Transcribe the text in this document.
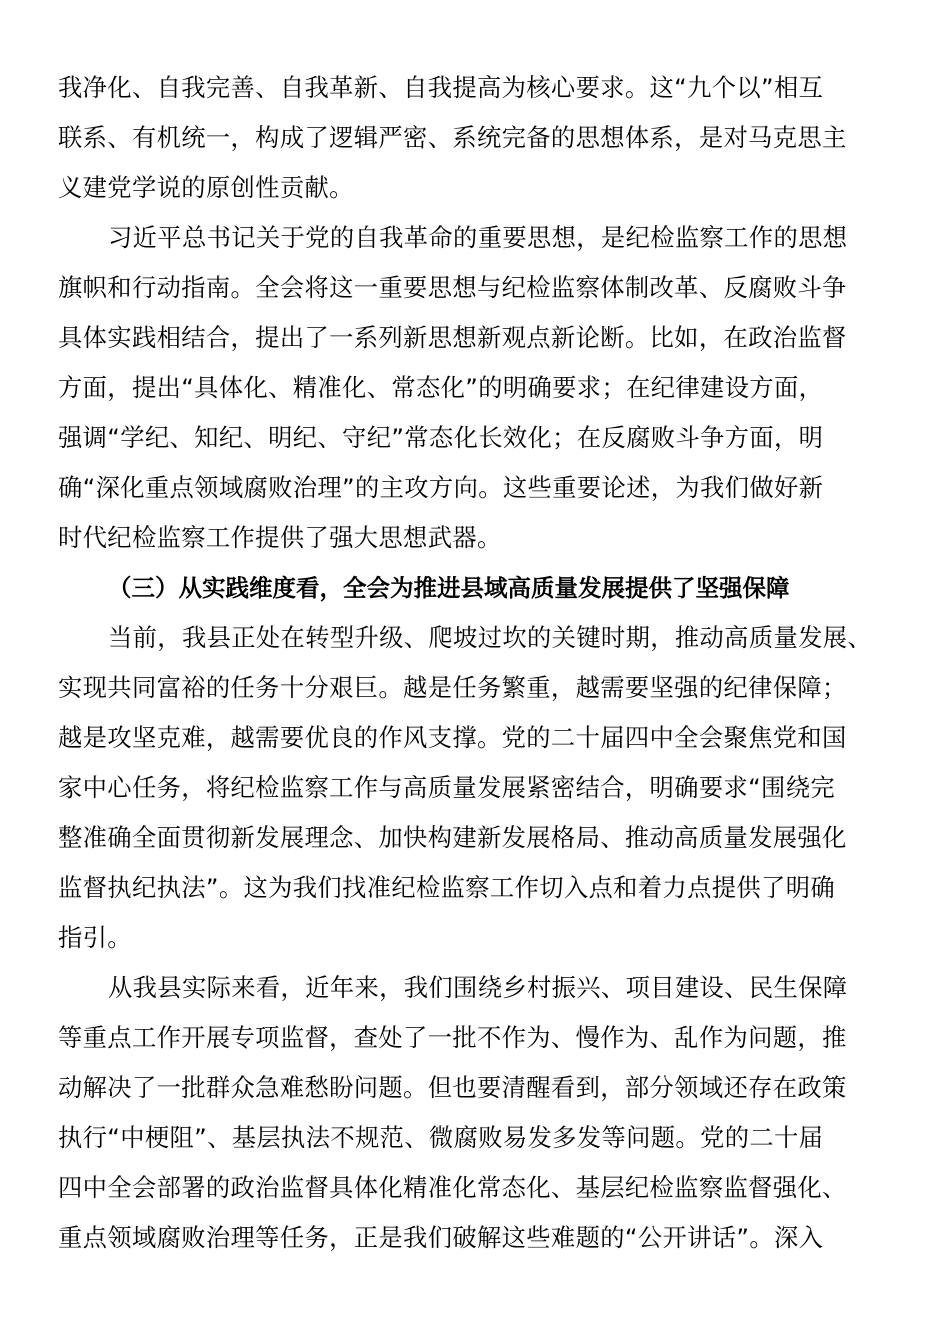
我净化、自我完善、自我革新、自我提高为核心要求。这“九个以”相互
联系、有机统一，构成了逻辑严密、系统完备的思想体系，是对马克思主
义建党学说的原创性贡献。
习近平总书记关于党的自我革命的重要思想，是纪检监察工作的思想
旗帜和行动指南。全会将这一重要思想与纪检监察体制改革、反腐败斗争
具体实践相结合，提出了一系列新思想新观点新论断。比如，在政治监督
方面，提出“具体化、精准化、常态化”的明确要求；在纪律建设方面，
强调“学纪、知纪、明纪、守纪”常态化长效化；在反腐败斗争方面，明
确“深化重点领域腐败治理”的主攻方向。这些重要论述，为我们做好新
时代纪检监察工作提供了强大思想武器。
（三）从实践维度看，全会为推进县域高质量发展提供了坚强保障
当前，我县正处在转型升级、爬坡过坎的关键时期，推动高质量发展、
实现共同富裕的任务十分艰巨。越是任务繁重，越需要坚强的纪律保障；
越是攻坚克难，越需要优良的作风支撑。党的二十届四中全会聚焦党和国
家中心任务，将纪检监察工作与高质量发展紧密结合，明确要求“围绕完
整准确全面贯彻新发展理念、加快构建新发展格局、推动高质量发展强化
监督执纪执法”。这为我们找准纪检监察工作切入点和着力点提供了明确
指引。
从我县实际来看，近年来，我们围绕乡村振兴、项目建设、民生保障
等重点工作开展专项监督，查处了一批不作为、慢作为、乱作为问题，推
动解决了一批群众急难愁盼问题。但也要清醒看到，部分领域还存在政策
执行“中梗阻”、基层执法不规范、微腐败易发多发等问题。党的二十届
四中全会部署的政治监督具体化精准化常态化、基层纪检监察监督强化、
重点领域腐败治理等任务，正是我们破解这些难题的“公开讲话”。深入
